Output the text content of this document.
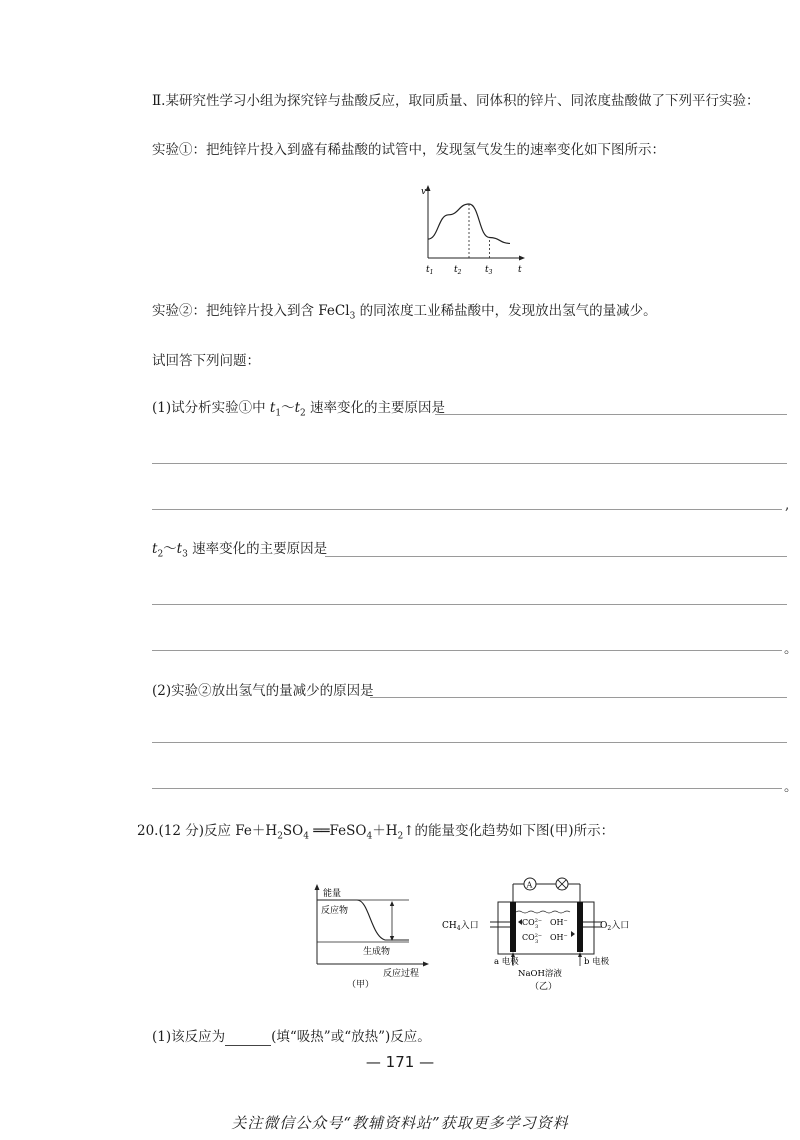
Ⅱ.某研究性学习小组为探究锌与盐酸反应，取同质量、同体积的锌片、同浓度盐酸做了下列平行实验：
实验①：把纯锌片投入到盛有稀盐酸的试管中，发现氢气发生的速率变化如下图所示：
v
t
$t_1$ $t_2$	$t_3$
实验②：把纯锌片投入到含 FeCl$_3$ 的同浓度工业稀盐酸中，发现放出氢气的量减少。
试回答下列问题：
(1)试分析实验①中 $t_1\sim t_2$ 速率变化的主要原因是
,
$t_2\sim t_3$ 速率变化的主要原因是
。
(2)实验②放出氢气的量减少的原因是
。
20.(12 分)反应 $Fe+H_2SO_4$ $══FeSO_4+H_2↑$的能量变化趋势如下图(甲)所示：
能量
反应物
生成物
反应过程
（甲）
A
$CH_4$入口	$O_2$入口
$CO^{2-}$ 3	OH−
$CO^{2-}$ 3	OH−
a 电极	b 电极
NaOH溶液
（乙）
(1)该反应为	(填“吸热”或“放热”)反应。
— 171 —
关注微信公众号“教辅资料站”获取更多学习资料
